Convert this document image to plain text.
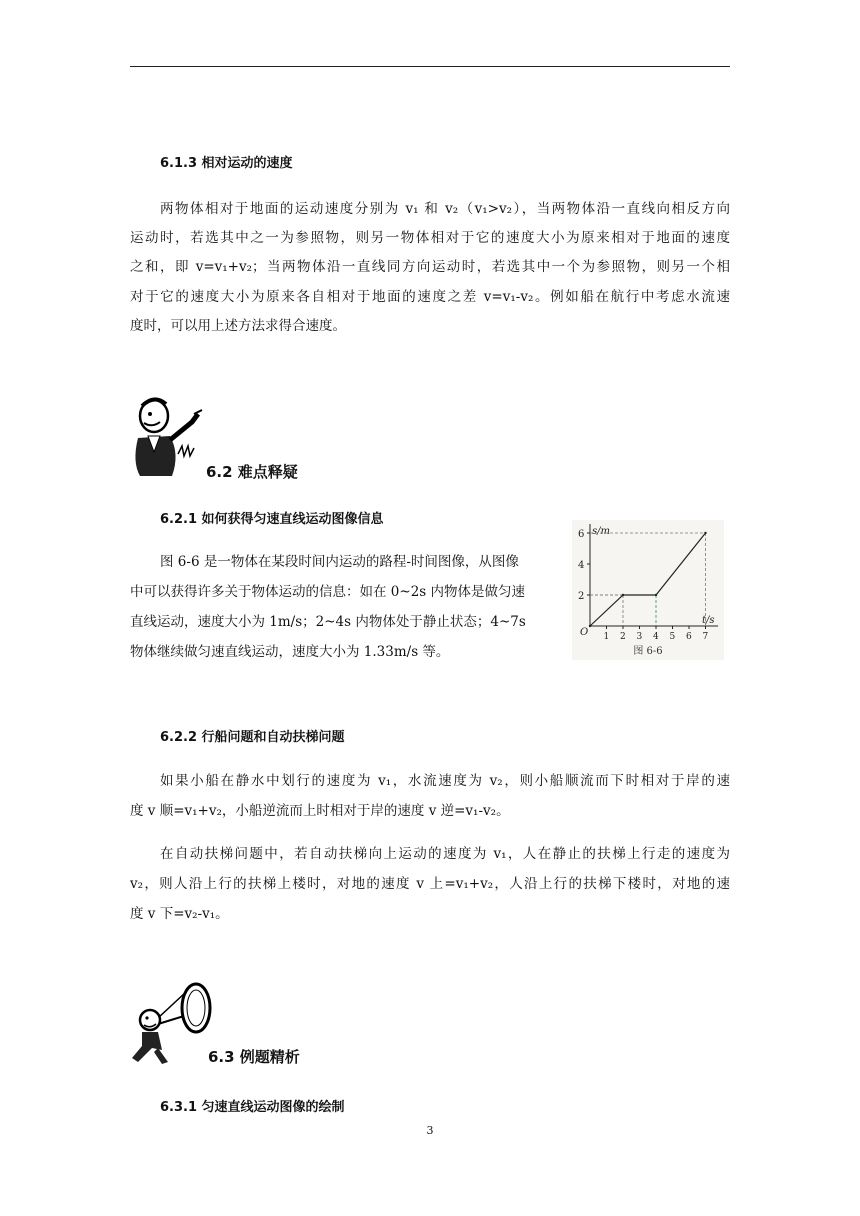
6.1.3 相对运动的速度
两物体相对于地面的运动速度分别为 v₁ 和 v₂（v₁>v₂），当两物体沿一直线向相反方向
运动时，若选其中之一为参照物，则另一物体相对于它的速度大小为原来相对于地面的速度
之和，即 v=v₁+v₂；当两物体沿一直线同方向运动时，若选其中一个为参照物，则另一个相
对于它的速度大小为原来各自相对于地面的速度之差 v=v₁-v₂。例如船在航行中考虑水流速
度时，可以用上述方法求得合速度。
6.2 难点释疑
6.2.1 如何获得匀速直线运动图像信息
图 6-6 是一物体在某段时间内运动的路程-时间图像，从图像
中可以获得许多关于物体运动的信息：如在 0~2s 内物体是做匀速
直线运动，速度大小为 1m/s；2~4s 内物体处于静止状态；4~7s
物体继续做匀速直线运动，速度大小为 1.33m/s 等。
O
s/m
t/s
2
4
6
1 2 3 4 5 6 7
图 6-6
6.2.2 行船问题和自动扶梯问题
如果小船在静水中划行的速度为 v₁，水流速度为 v₂，则小船顺流而下时相对于岸的速
度 v 顺=v₁+v₂，小船逆流而上时相对于岸的速度 v 逆=v₁-v₂。
在自动扶梯问题中，若自动扶梯向上运动的速度为 v₁，人在静止的扶梯上行走的速度为
v₂，则人沿上行的扶梯上楼时，对地的速度 v 上=v₁+v₂，人沿上行的扶梯下楼时，对地的速
度 v 下=v₂-v₁。
6.3 例题精析
6.3.1 匀速直线运动图像的绘制
3
